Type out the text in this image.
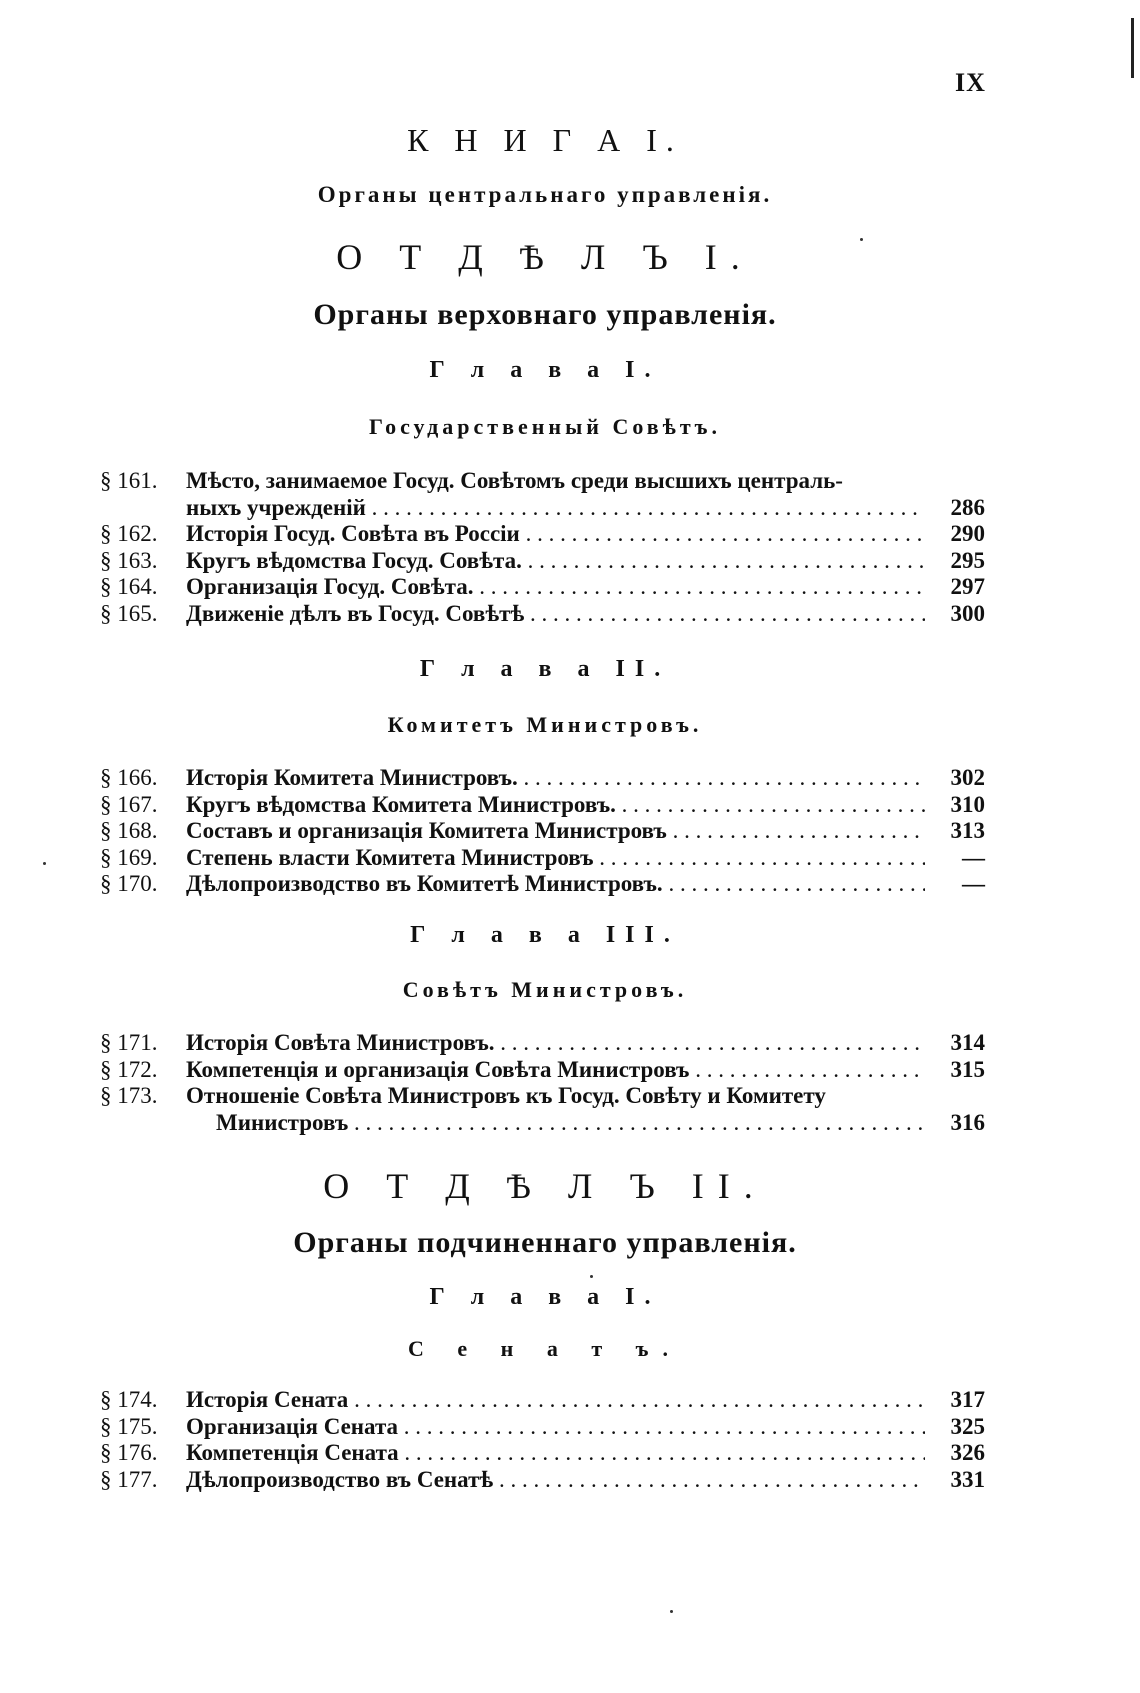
IX
К Н И Г А I.
Органы центральнаго управленія.
О Т Д Ѣ Л Ъ I.
Органы верховнаго управленія.
Г л а в а I.
Государственный Совѣтъ.
§ 161.	Мѣсто, занимаемое Госуд. Совѣтомъ среди высшихъ централь-
ныхъ учрежденій . . .	286
§ 162.	Исторія Госуд. Совѣта въ Россіи . . .	290
§ 163.	Кругъ вѣдомства Госуд. Совѣта. . . .	295
§ 164.	Организація Госуд. Совѣта. . . .	297
§ 165.	Движеніе дѣлъ въ Госуд. Совѣтѣ . . .	300
Г л а в а II.
Комитетъ Министровъ.
§ 166.	Исторія Комитета Министровъ. . . .	302
§ 167.	Кругъ вѣдомства Комитета Министровъ. . . .	310
§ 168.	Составъ и организація Комитета Министровъ . . .	313
§ 169.	Степень власти Комитета Министровъ . . .	—
§ 170.	Дѣлопроизводство въ Комитетѣ Министровъ. . . .	—
Г л а в а III.
Совѣтъ Министровъ.
§ 171.	Исторія Совѣта Министровъ. . . .	314
§ 172.	Компетенція и организація Совѣта Министровъ . . .	315
§ 173.	Отношеніе Совѣта Министровъ къ Госуд. Совѣту и Комитету
Министровъ . . .	316
О Т Д Ѣ Л Ъ II.
Органы подчиненнаго управленія.
Г л а в а I.
С е н а т ъ.
§ 174.	Исторія Сената . . .	317
§ 175.	Организація Сената . . .	325
§ 176.	Компетенція Сената . . .	326
§ 177.	Дѣлопроизводство въ Сенатѣ . . .	331
